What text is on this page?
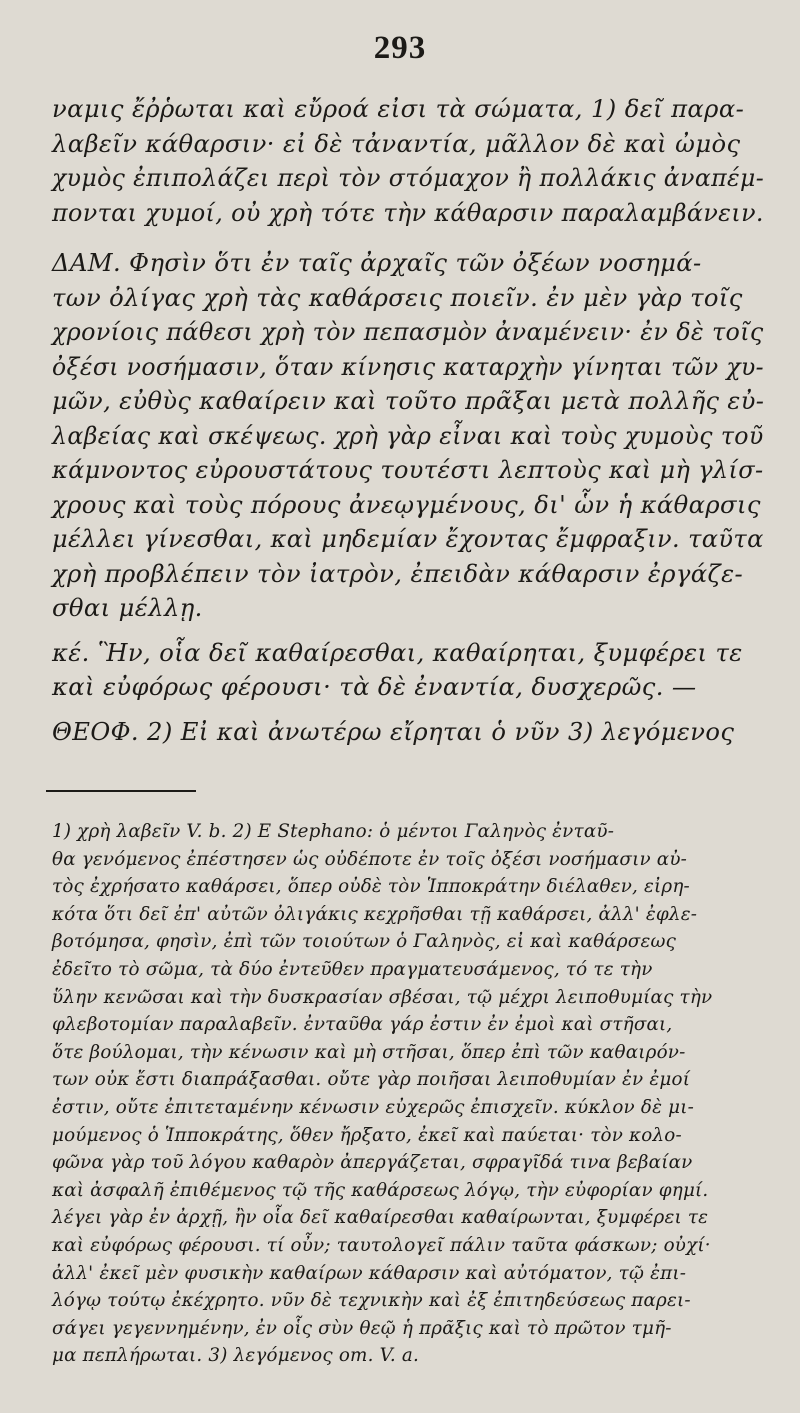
293
ναμις ἔῤῥωται καὶ εὔροά εἰσι τὰ σώματα, 1) δεῖ παρα-
λαβεῖν κάθαρσιν· εἰ δὲ τἀναντία, μᾶλλον δὲ καὶ ὠμὸς
χυμὸς ἐπιπολάζει περὶ τὸν στόμαχον ἢ πολλάκις ἀναπέμ-
πονται χυμοί, οὐ χρὴ τότε τὴν κάθαρσιν παραλαμβάνειν.
ΔΑΜ. Φησὶν ὅτι ἐν ταῖς ἀρχαῖς τῶν ὀξέων νοσημά-
των ὀλίγας χρὴ τὰς καθάρσεις ποιεῖν. ἐν μὲν γὰρ τοῖς
χρονίοις πάθεσι χρὴ τὸν πεπασμὸν ἀναμένειν· ἐν δὲ τοῖς
ὀξέσι νοσήμασιν, ὅταν κίνησις καταρχὴν γίνηται τῶν χυ-
μῶν, εὐθὺς καθαίρειν καὶ τοῦτο πρᾶξαι μετὰ πολλῆς εὐ-
λαβείας καὶ σκέψεως. χρὴ γὰρ εἶναι καὶ τοὺς χυμοὺς τοῦ
κάμνοντος εὐρουστάτους τουτέστι λεπτοὺς καὶ μὴ γλίσ-
χρους καὶ τοὺς πόρους ἀνεῳγμένους, δι' ὧν ἡ κάθαρσις
μέλλει γίνεσθαι, καὶ μηδεμίαν ἔχοντας ἔμφραξιν. ταῦτα
χρὴ προβλέπειν τὸν ἰατρὸν, ἐπειδὰν κάθαρσιν ἐργάζε-
σθαι μέλλῃ.
κέ. Ἣν, οἷα δεῖ καθαίρεσθαι, καθαίρηται, ξυμφέρει τε
καὶ εὐφόρως φέρουσι· τὰ δὲ ἐναντία, δυσχερῶς. —
ΘΕΟΦ. 2) Εἰ καὶ ἀνωτέρω εἴρηται ὁ νῦν 3) λεγόμενος
1) χρὴ λαβεῖν V. b. 2) E Stephano: ὁ μέντοι Γαληνὸς ἐνταῦ-
θα γενόμενος ἐπέστησεν ὡς οὐδέποτε ἐν τοῖς ὀξέσι νοσήμασιν αὐ-
τὸς ἐχρήσατο καθάρσει, ὅπερ οὐδὲ τὸν Ἱπποκράτην διέλαθεν, εἰρη-
κότα ὅτι δεῖ ἐπ' αὐτῶν ὀλιγάκις κεχρῆσθαι τῇ καθάρσει, ἀλλ' ἐφλε-
βοτόμησα, φησὶν, ἐπὶ τῶν τοιούτων ὁ Γαληνὸς, εἰ καὶ καθάρσεως
ἐδεῖτο τὸ σῶμα, τὰ δύο ἐντεῦθεν πραγματευσάμενος, τό τε τὴν
ὕλην κενῶσαι καὶ τὴν δυσκρασίαν σβέσαι, τῷ μέχρι λειποθυμίας τὴν
φλεβοτομίαν παραλαβεῖν. ἐνταῦθα γάρ ἐστιν ἐν ἐμοὶ καὶ στῆσαι,
ὅτε βούλομαι, τὴν κένωσιν καὶ μὴ στῆσαι, ὅπερ ἐπὶ τῶν καθαιρόν-
των οὐκ ἔστι διαπράξασθαι. οὔτε γὰρ ποιῆσαι λειποθυμίαν ἐν ἐμοί
ἐστιν, οὔτε ἐπιτεταμένην κένωσιν εὐχερῶς ἐπισχεῖν. κύκλον δὲ μι-
μούμενος ὁ Ἱπποκράτης, ὅθεν ἤρξατο, ἐκεῖ καὶ παύεται· τὸν κολο-
φῶνα γὰρ τοῦ λόγου καθαρὸν ἀπεργάζεται, σφραγῖδά τινα βεβαίαν
καὶ ἀσφαλῆ ἐπιθέμενος τῷ τῆς καθάρσεως λόγῳ, τὴν εὐφορίαν φημί.
λέγει γὰρ ἐν ἀρχῇ, ἢν οἷα δεῖ καθαίρεσθαι καθαίρωνται, ξυμφέρει τε
καὶ εὐφόρως φέρουσι. τί οὖν; ταυτολογεῖ πάλιν ταῦτα φάσκων; οὐχί·
ἀλλ' ἐκεῖ μὲν φυσικὴν καθαίρων κάθαρσιν καὶ αὐτόματον, τῷ ἐπι-
λόγῳ τούτῳ ἐκέχρητο. νῦν δὲ τεχνικὴν καὶ ἐξ ἐπιτηδεύσεως παρει-
σάγει γεγεννημένην, ἐν οἷς σὺν θεῷ ἡ πρᾶξις καὶ τὸ πρῶτον τμῆ-
μα πεπλήρωται. 3) λεγόμενος om. V. a.
